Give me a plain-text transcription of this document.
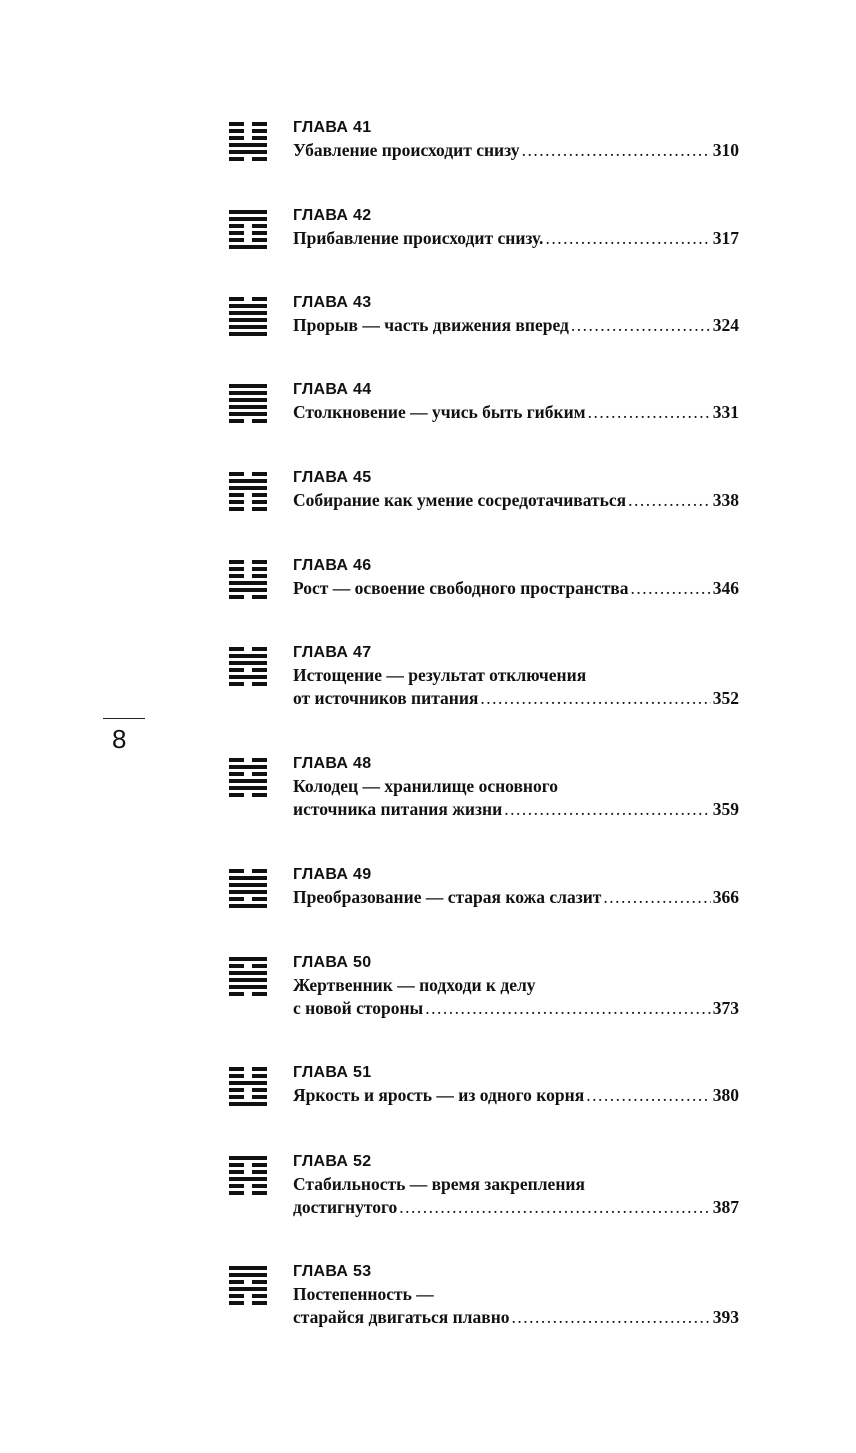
8
ГЛАВА 41
Убавление происходит снизу .....	310
ГЛАВА 42
Прибавление происходит снизу. .....	317
ГЛАВА 43
Прорыв — часть движения вперед .....	324
ГЛАВА 44
Столкновение — учись быть гибким .....	331
ГЛАВА 45
Собирание как умение сосредотачиваться .....	338
ГЛАВА 46
Рост — освоение свободного пространства .....	346
ГЛАВА 47
Истощение — результат отключения
от источников питания .....	352
ГЛАВА 48
Колодец — хранилище основного
источника питания жизни .....	359
ГЛАВА 49
Преобразование — старая кожа слазит .....	366
ГЛАВА 50
Жертвенник — подходи к делу
с новой стороны .....	373
ГЛАВА 51
Яркость и ярость — из одного корня .....	380
ГЛАВА 52
Стабильность — время закрепления
достигнутого .....	387
ГЛАВА 53
Постепенность —
старайся двигаться плавно .....	393
